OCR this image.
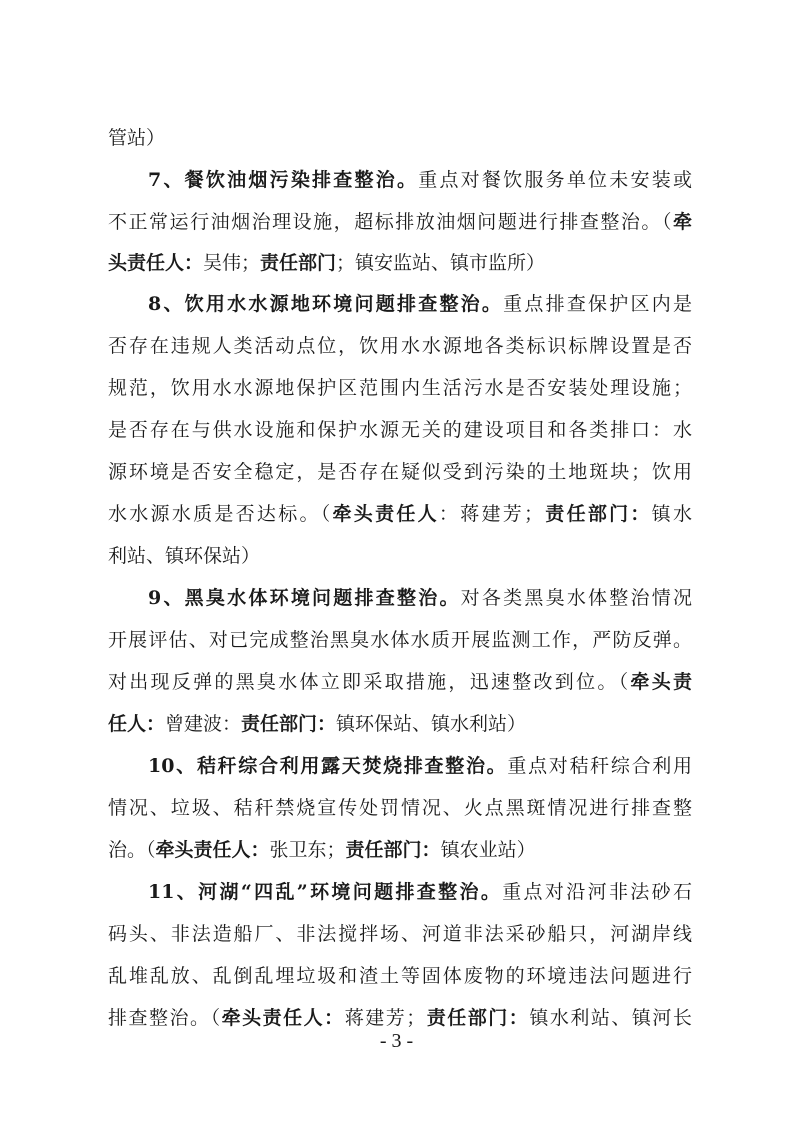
管站）
7、餐饮油烟污染排查整治。重点对餐饮服务单位未安装或
不正常运行油烟治理设施，超标排放油烟问题进行排查整治。（牵
头责任人：吴伟；责任部门；镇安监站、镇市监所）
8、饮用水水源地环境问题排查整治。重点排查保护区内是
否存在违规人类活动点位，饮用水水源地各类标识标牌设置是否
规范，饮用水水源地保护区范围内生活污水是否安装处理设施；
是否存在与供水设施和保护水源无关的建设项目和各类排口：水
源环境是否安全稳定，是否存在疑似受到污染的土地斑块；饮用
水水源水质是否达标。（牵头责任人：蒋建芳；责任部门：镇水
利站、镇环保站）
9、黑臭水体环境问题排查整治。对各类黑臭水体整治情况
开展评估、对已完成整治黑臭水体水质开展监测工作，严防反弹。
对出现反弹的黑臭水体立即采取措施，迅速整改到位。（牵头责
任人：曾建波：责任部门：镇环保站、镇水利站）
10、秸秆综合利用露天焚烧排查整治。重点对秸秆综合利用
情况、垃圾、秸秆禁烧宣传处罚情况、火点黑斑情况进行排查整
治。（牵头责任人：张卫东；责任部门：镇农业站）
11、河湖“四乱”环境问题排查整治。重点对沿河非法砂石
码头、非法造船厂、非法搅拌场、河道非法采砂船只，河湖岸线
乱堆乱放、乱倒乱埋垃圾和渣土等固体废物的环境违法问题进行
排查整治。（牵头责任人：蒋建芳；责任部门：镇水利站、镇河长
- 3 -
